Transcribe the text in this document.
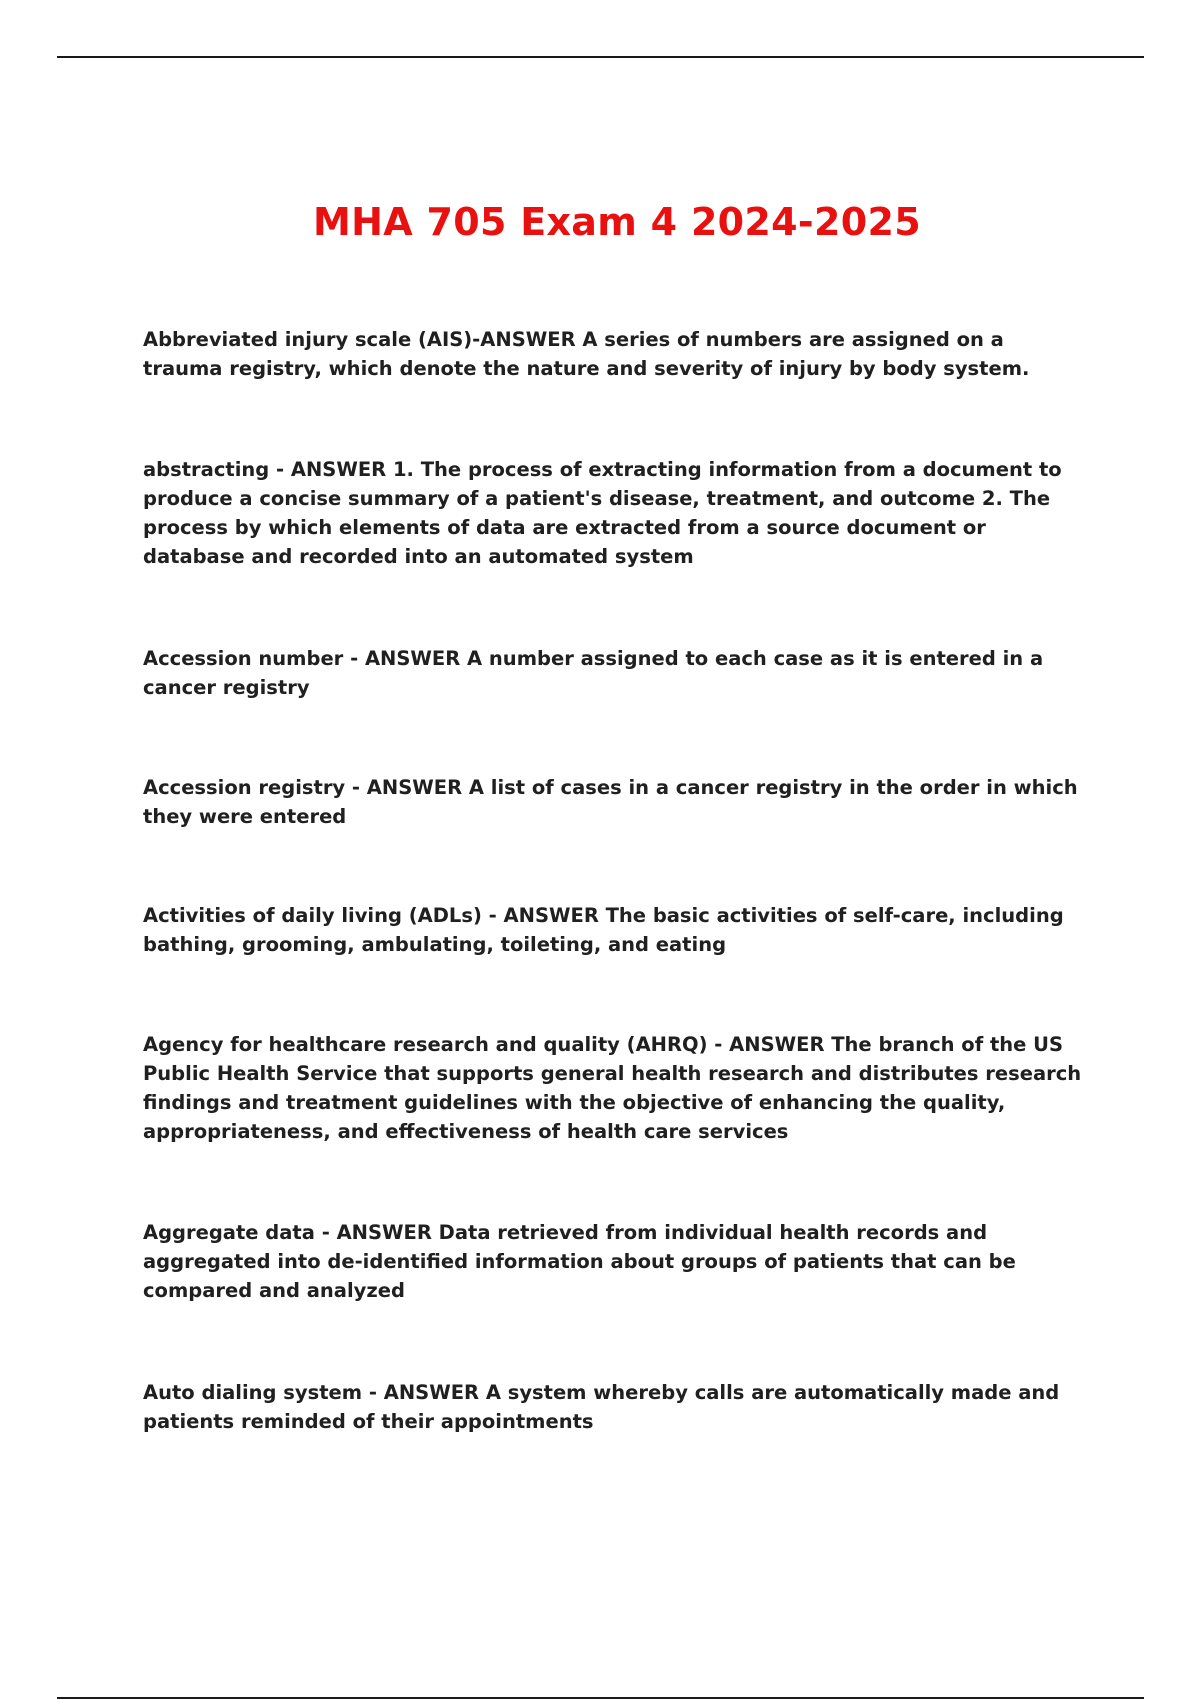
MHA 705 Exam 4 2024-2025

Abbreviated injury scale (AIS)-ANSWER A series of numbers are assigned on a trauma registry, which denote the nature and severity of injury by body system.

abstracting - ANSWER 1. The process of extracting information from a document to produce a concise summary of a patient's disease, treatment, and outcome 2. The process by which elements of data are extracted from a source document or database and recorded into an automated system

Accession number - ANSWER A number assigned to each case as it is entered in a cancer registry

Accession registry - ANSWER A list of cases in a cancer registry in the order in which they were entered

Activities of daily living (ADLs) - ANSWER The basic activities of self-care, including bathing, grooming, ambulating, toileting, and eating

Agency for healthcare research and quality (AHRQ) - ANSWER The branch of the US Public Health Service that supports general health research and distributes research findings and treatment guidelines with the objective of enhancing the quality, appropriateness, and effectiveness of health care services

Aggregate data - ANSWER Data retrieved from individual health records and aggregated into de-identified information about groups of patients that can be compared and analyzed

Auto dialing system - ANSWER A system whereby calls are automatically made and patients reminded of their appointments
